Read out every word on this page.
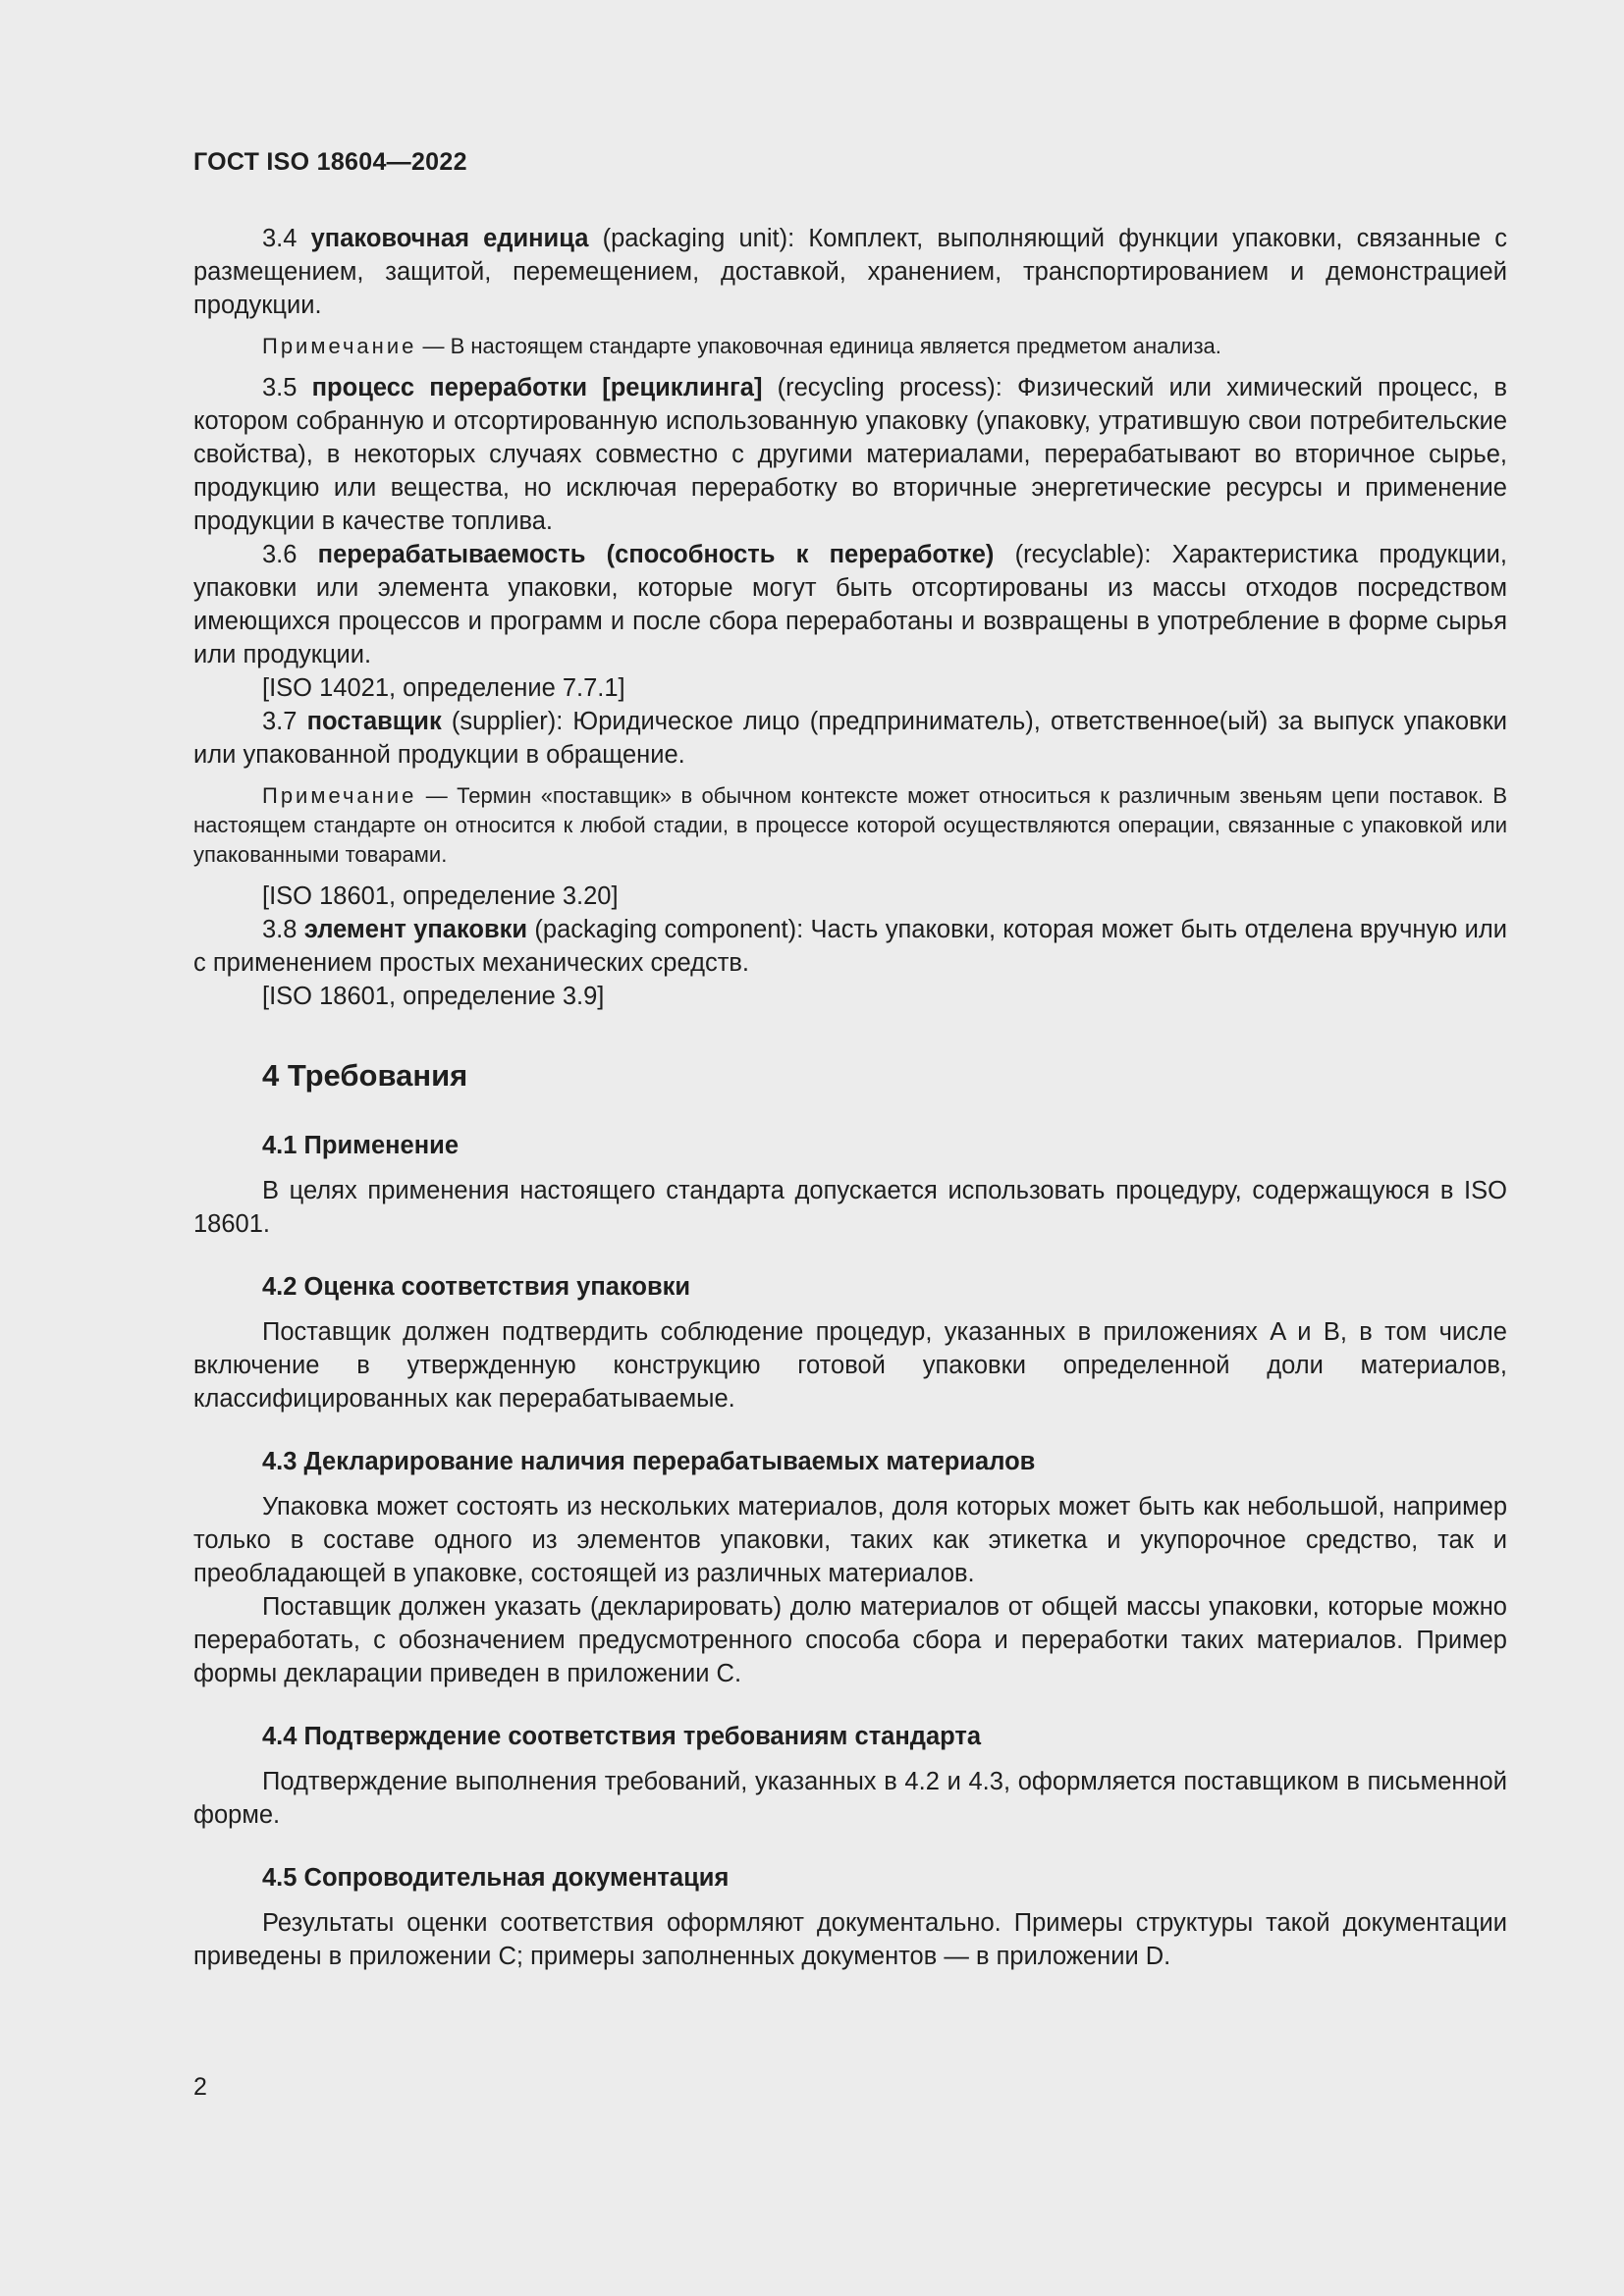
ГОСТ ISO 18604—2022

3.4 упаковочная единица (packaging unit): Комплект, выполняющий функции упаковки, связанные с размещением, защитой, перемещением, доставкой, хранением, транспортированием и демонстрацией продукции.

Примечание — В настоящем стандарте упаковочная единица является предметом анализа.

3.5 процесс переработки [рециклинга] (recycling process): Физический или химический процесс, в котором собранную и отсортированную использованную упаковку (упаковку, утратившую свои потребительские свойства), в некоторых случаях совместно с другими материалами, перерабатывают во вторичное сырье, продукцию или вещества, но исключая переработку во вторичные энергетические ресурсы и применение продукции в качестве топлива.

3.6 перерабатываемость (способность к переработке) (recyclable): Характеристика продукции, упаковки или элемента упаковки, которые могут быть отсортированы из массы отходов посредством имеющихся процессов и программ и после сбора переработаны и возвращены в употребление в форме сырья или продукции.

[ISO 14021, определение 7.7.1]

3.7 поставщик (supplier): Юридическое лицо (предприниматель), ответственное(ый) за выпуск упаковки или упакованной продукции в обращение.

Примечание — Термин «поставщик» в обычном контексте может относиться к различным звеньям цепи поставок. В настоящем стандарте он относится к любой стадии, в процессе которой осуществляются операции, связанные с упаковкой или упакованными товарами.

[ISO 18601, определение 3.20]

3.8 элемент упаковки (packaging component): Часть упаковки, которая может быть отделена вручную или с применением простых механических средств.

[ISO 18601, определение 3.9]

4 Требования
4.1 Применение

В целях применения настоящего стандарта допускается использовать процедуру, содержащуюся в ISO 18601.

4.2 Оценка соответствия упаковки

Поставщик должен подтвердить соблюдение процедур, указанных в приложениях A и B, в том числе включение в утвержденную конструкцию готовой упаковки определенной доли материалов, классифицированных как перерабатываемые.

4.3 Декларирование наличия перерабатываемых материалов

Упаковка может состоять из нескольких материалов, доля которых может быть как небольшой, например только в составе одного из элементов упаковки, таких как этикетка и укупорочное средство, так и преобладающей в упаковке, состоящей из различных материалов.

Поставщик должен указать (декларировать) долю материалов от общей массы упаковки, которые можно переработать, с обозначением предусмотренного способа сбора и переработки таких материалов. Пример формы декларации приведен в приложении C.

4.4 Подтверждение соответствия требованиям стандарта

Подтверждение выполнения требований, указанных в 4.2 и 4.3, оформляется поставщиком в письменной форме.

4.5 Сопроводительная документация

Результаты оценки соответствия оформляют документально. Примеры структуры такой документации приведены в приложении C; примеры заполненных документов — в приложении D.

2
